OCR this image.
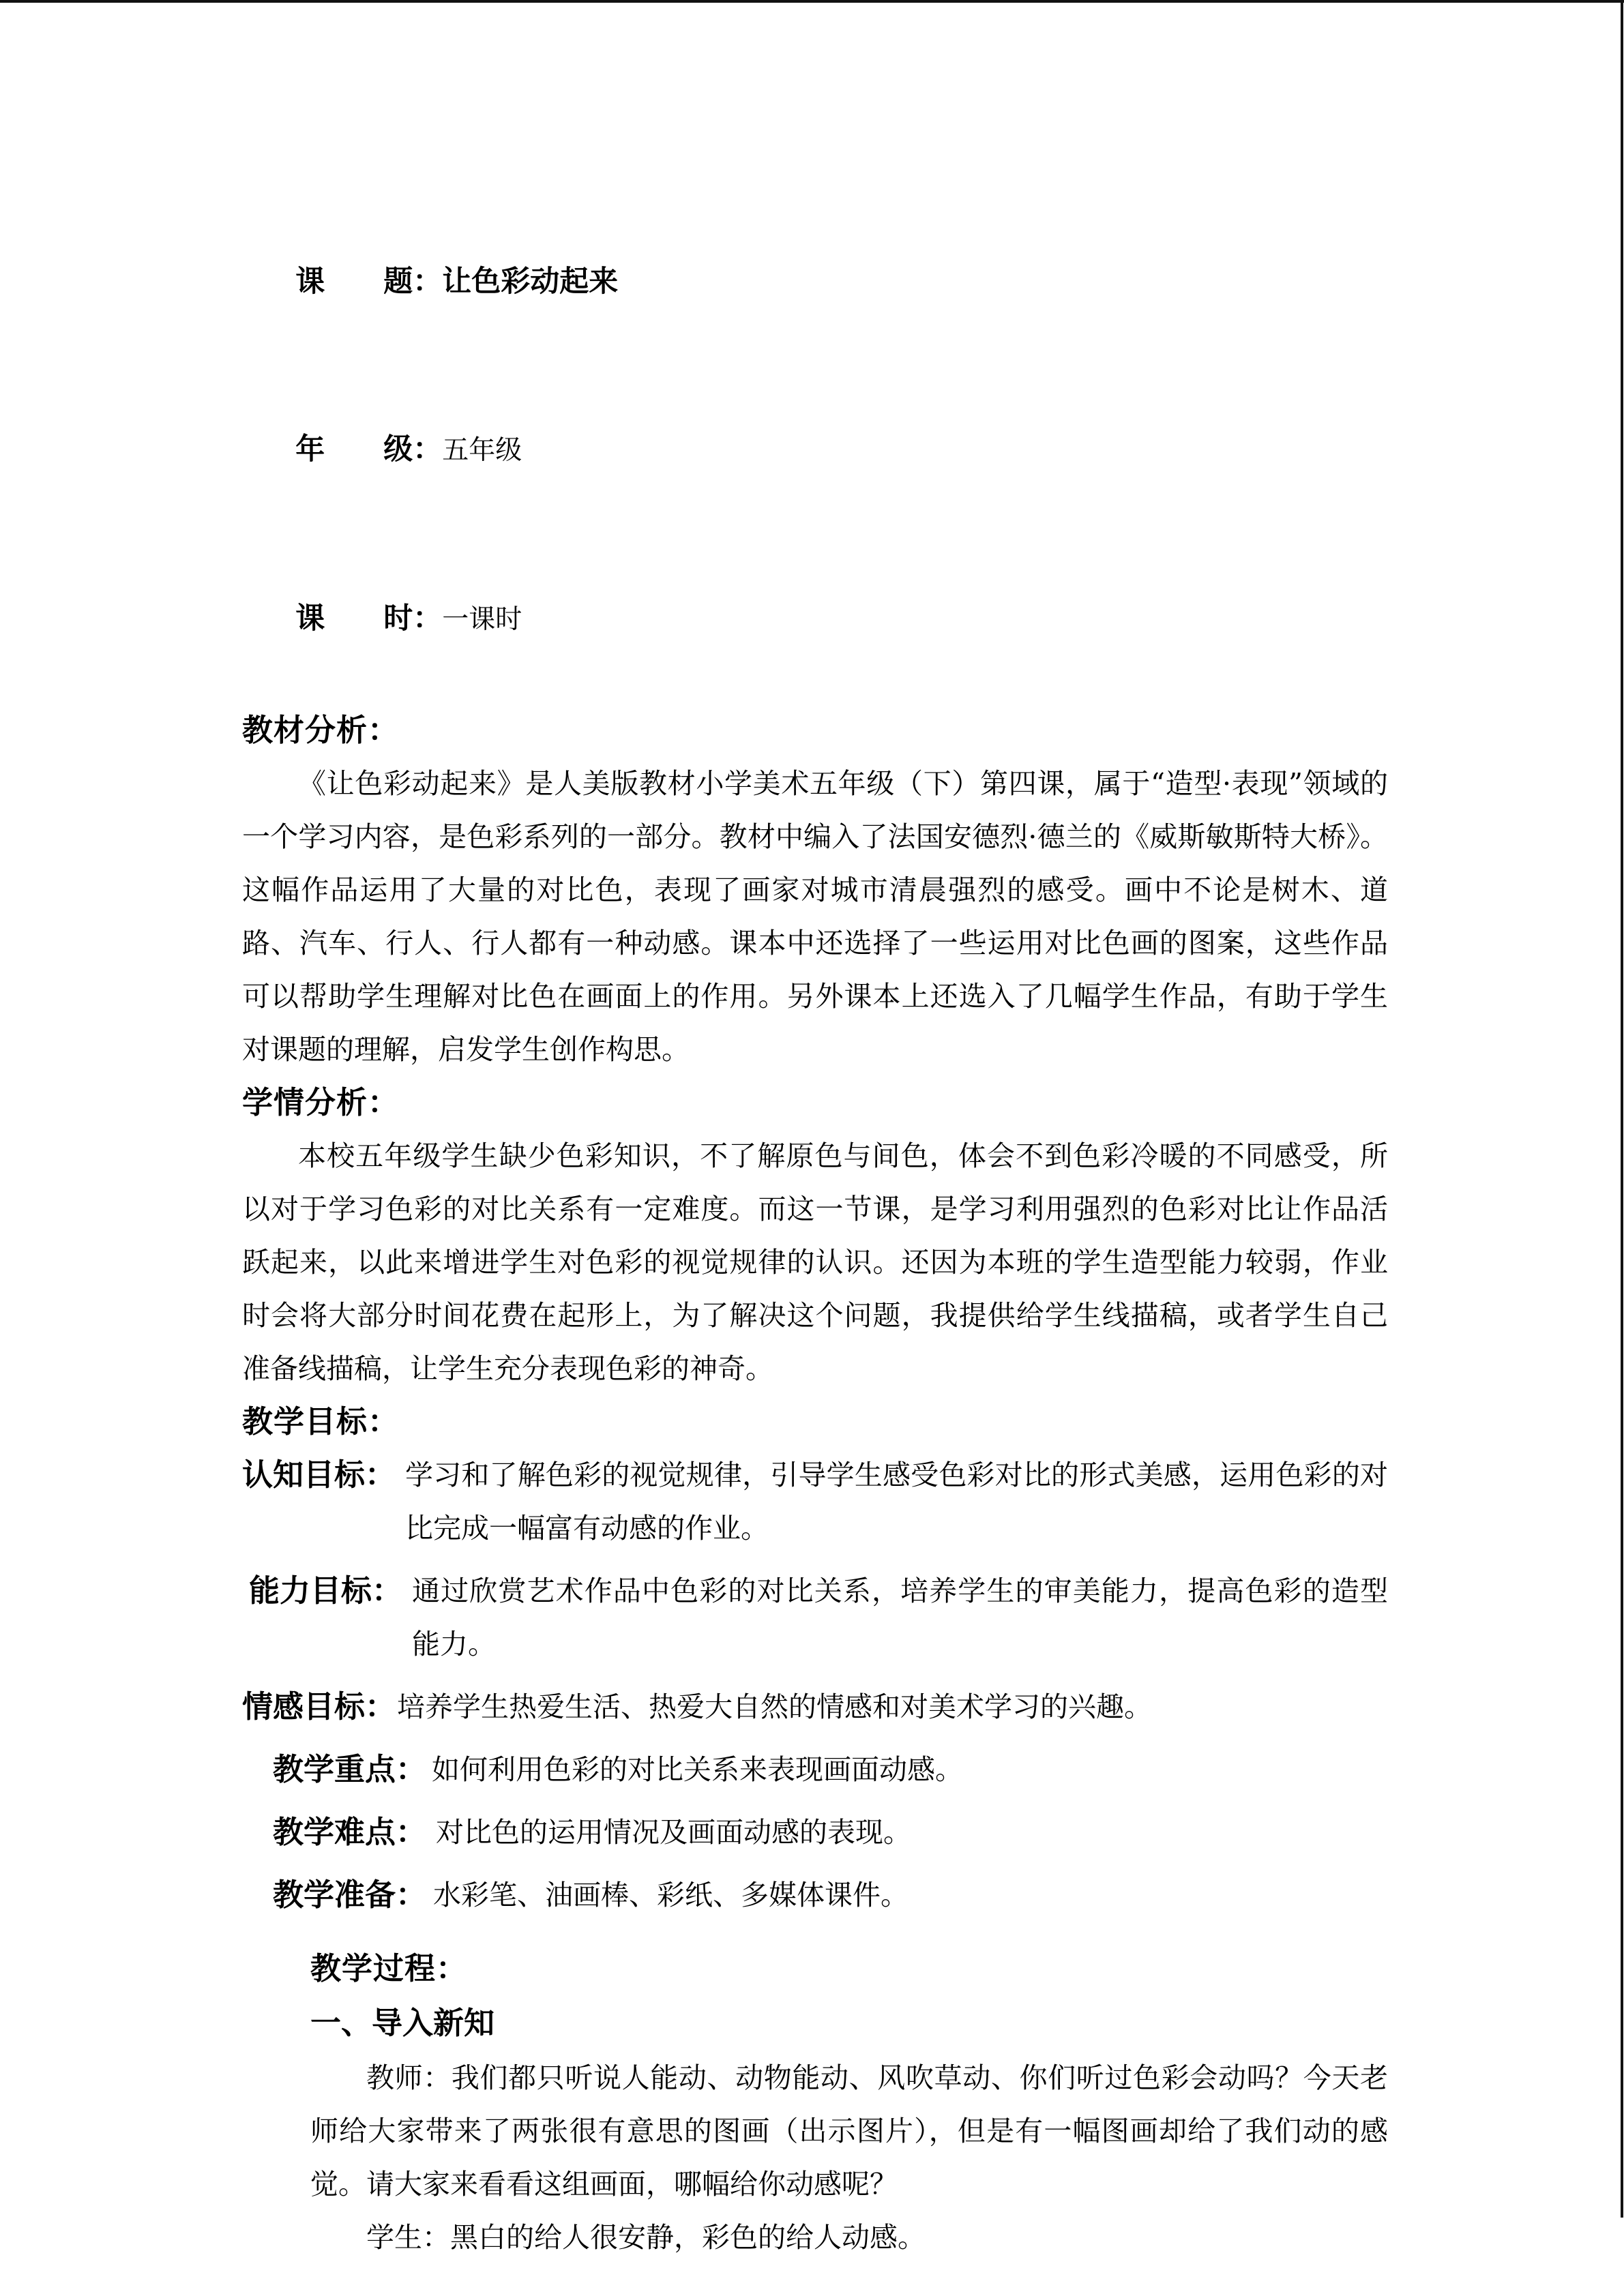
课　　题：让色彩动起来

年　　级：五年级

课　　时：一课时

教材分析：

《让色彩动起来》是人美版教材小学美术五年级（下）第四课，属于“造型·表现”领域的一个学习内容，是色彩系列的一部分。教材中编入了法国安德烈·德兰的《威斯敏斯特大桥》。这幅作品运用了大量的对比色，表现了画家对城市清晨强烈的感受。画中不论是树木、道路、汽车、行人、行人都有一种动感。课本中还选择了一些运用对比色画的图案，这些作品可以帮助学生理解对比色在画面上的作用。另外课本上还选入了几幅学生作品，有助于学生对课题的理解，启发学生创作构思。

学情分析：

本校五年级学生缺少色彩知识，不了解原色与间色，体会不到色彩冷暖的不同感受，所以对于学习色彩的对比关系有一定难度。而这一节课，是学习利用强烈的色彩对比让作品活跃起来，以此来增进学生对色彩的视觉规律的认识。还因为本班的学生造型能力较弱，作业时会将大部分时间花费在起形上，为了解决这个问题，我提供给学生线描稿，或者学生自己准备线描稿，让学生充分表现色彩的神奇。

教学目标：
认知目标： 学习和了解色彩的视觉规律，引导学生感受色彩对比的形式美感，运用色彩的对比完成一幅富有动感的作业。
能力目标： 通过欣赏艺术作品中色彩的对比关系，培养学生的审美能力，提高色彩的造型能力。
情感目标： 培养学生热爱生活、热爱大自然的情感和对美术学习的兴趣。
教学重点： 如何利用色彩的对比关系来表现画面动感。
教学难点： 对比色的运用情况及画面动感的表现。
教学准备： 水彩笔、油画棒、彩纸、多媒体课件。
教学过程：
一、导入新知

教师：我们都只听说人能动、动物能动、风吹草动、你们听过色彩会动吗？今天老师给大家带来了两张很有意思的图画（出示图片），但是有一幅图画却给了我们动的感觉。请大家来看看这组画面，哪幅给你动感呢？

学生：黑白的给人很安静，彩色的给人动感。
